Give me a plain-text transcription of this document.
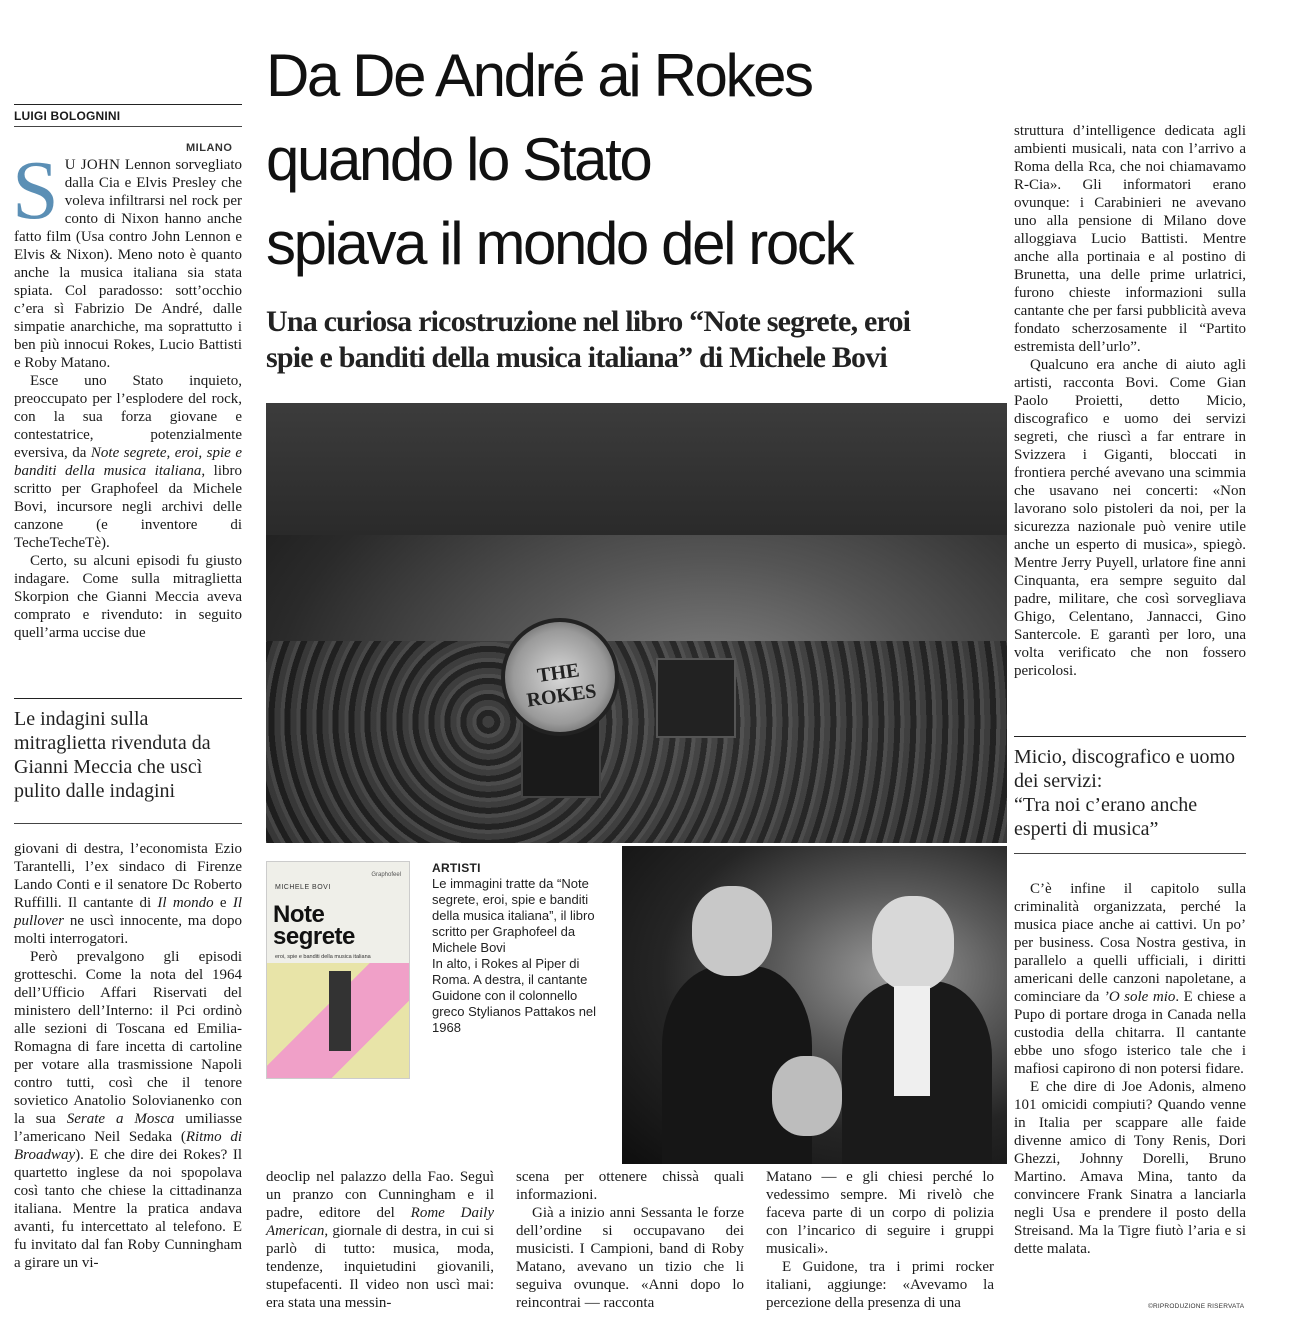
LUIGI BOLOGNINI
MILANO

S U JOHN Lennon sorvegliato dalla Cia e Elvis Presley che voleva infiltrarsi nel rock per conto di Nixon hanno anche fatto film (Usa contro John Lennon e Elvis & Nixon). Meno noto è quanto anche la musica italiana sia stata spiata. Col paradosso: sott’occhio c’era sì Fabrizio De André, dalle simpatie anarchiche, ma soprattutto i ben più innocui Rokes, Lucio Battisti e Roby Matano.

Esce uno Stato inquieto, preoccupato per l’esplodere del rock, con la sua forza giovane e contestatrice, potenzialmente eversiva, da Note segrete, eroi, spie e banditi della musica italiana, libro scritto per Graphofeel da Michele Bovi, incursore negli archivi delle canzone (e inventore di TecheTecheTè).

Certo, su alcuni episodi fu giusto indagare. Come sulla mitraglietta Skorpion che Gianni Meccia aveva comprato e rivenduto: in seguito quell’arma uccise due

Le indagini sulla mitraglietta rivenduta da Gianni Meccia che uscì pulito dalle indagini

giovani di destra, l’economista Ezio Tarantelli, l’ex sindaco di Firenze Lando Conti e il senatore Dc Roberto Ruffilli. Il cantante di Il mondo e Il pullover ne uscì innocente, ma dopo molti interrogatori.

Però prevalgono gli episodi grotteschi. Come la nota del 1964 dell’Ufficio Affari Riservati del ministero dell’Interno: il Pci ordinò alle sezioni di Toscana ed Emilia-Romagna di fare incetta di cartoline per votare alla trasmissione Napoli contro tutti, così che il tenore sovietico Anatolio Solovianenko con la sua Serate a Mosca umiliasse l’americano Neil Sedaka (Ritmo di Broadway). E che dire dei Rokes? Il quartetto inglese da noi spopolava così tanto che chiese la cittadinanza italiana. Mentre la pratica andava avanti, fu intercettato al telefono. E fu invitato dal fan Roby Cunningham a girare un vi-

Da De André ai Rokes
quando lo Stato
spiava il mondo del rock
Una curiosa ricostruzione nel libro “Note segrete, eroi
spie e banditi della musica italiana” di Michele Bovi
THE ROKES
Graphofeel
MICHELE BOVI
Note
segrete
eroi, spie e banditi della musica italiana
ARTISTI
Le immagini tratte da “Note segrete, eroi, spie e banditi della musica italiana”, il libro scritto per Graphofeel da Michele Bovi
In alto, i Rokes al Piper di Roma. A destra, il cantante Guidone con il colonnello greco Stylianos Pattakos nel 1968

deoclip nel palazzo della Fao. Seguì un pranzo con Cunningham e il padre, editore del Rome Daily American, giornale di destra, in cui si parlò di tutto: musica, moda, tendenze, inquietudini giovanili, stupefacenti. Il video non uscì mai: era stata una messin-

scena per ottenere chissà quali informazioni.

Già a inizio anni Sessanta le forze dell’ordine si occupavano dei musicisti. I Campioni, band di Roby Matano, avevano un tizio che li seguiva ovunque. «Anni dopo lo reincontrai — racconta

Matano — e gli chiesi perché lo vedessimo sempre. Mi rivelò che faceva parte di un corpo di polizia con l’incarico di seguire i gruppi musicali».

E Guidone, tra i primi rocker italiani, aggiunge: «Avevamo la percezione della presenza di una

struttura d’intelligence dedicata agli ambienti musicali, nata con l’arrivo a Roma della Rca, che noi chiamavamo R-Cia». Gli informatori erano ovunque: i Carabinieri ne avevano uno alla pensione di Milano dove alloggiava Lucio Battisti. Mentre anche alla portinaia e al postino di Brunetta, una delle prime urlatrici, furono chieste informazioni sulla cantante che per farsi pubblicità aveva fondato scherzosamente il “Partito estremista dell’urlo”.

Qualcuno era anche di aiuto agli artisti, racconta Bovi. Come Gian Paolo Proietti, detto Micio, discografico e uomo dei servizi segreti, che riuscì a far entrare in Svizzera i Giganti, bloccati in frontiera perché avevano una scimmia che usavano nei concerti: «Non lavorano solo pistoleri da noi, per la sicurezza nazionale può venire utile anche un esperto di musica», spiegò. Mentre Jerry Puyell, urlatore fine anni Cinquanta, era sempre seguito dal padre, militare, che così sorvegliava Ghigo, Celentano, Jannacci, Gino Santercole. E garantì per loro, una volta verificato che non fossero pericolosi.

Micio, discografico e uomo dei servizi:
“Tra noi c’erano anche esperti di musica”

C’è infine il capitolo sulla criminalità organizzata, perché la musica piace anche ai cattivi. Un po’ per business. Cosa Nostra gestiva, in parallelo a quelli ufficiali, i diritti americani delle canzoni napoletane, a cominciare da ’O sole mio. E chiese a Pupo di portare droga in Canada nella custodia della chitarra. Il cantante ebbe uno sfogo isterico tale che i mafiosi capirono di non potersi fidare.

E che dire di Joe Adonis, almeno 101 omicidi compiuti? Quando venne in Italia per scappare alle faide divenne amico di Tony Renis, Dori Ghezzi, Johnny Dorelli, Bruno Martino. Amava Mina, tanto da convincere Frank Sinatra a lanciarla negli Usa e prendere il posto della Streisand. Ma la Tigre fiutò l’aria e si dette malata.

©RIPRODUZIONE RISERVATA
